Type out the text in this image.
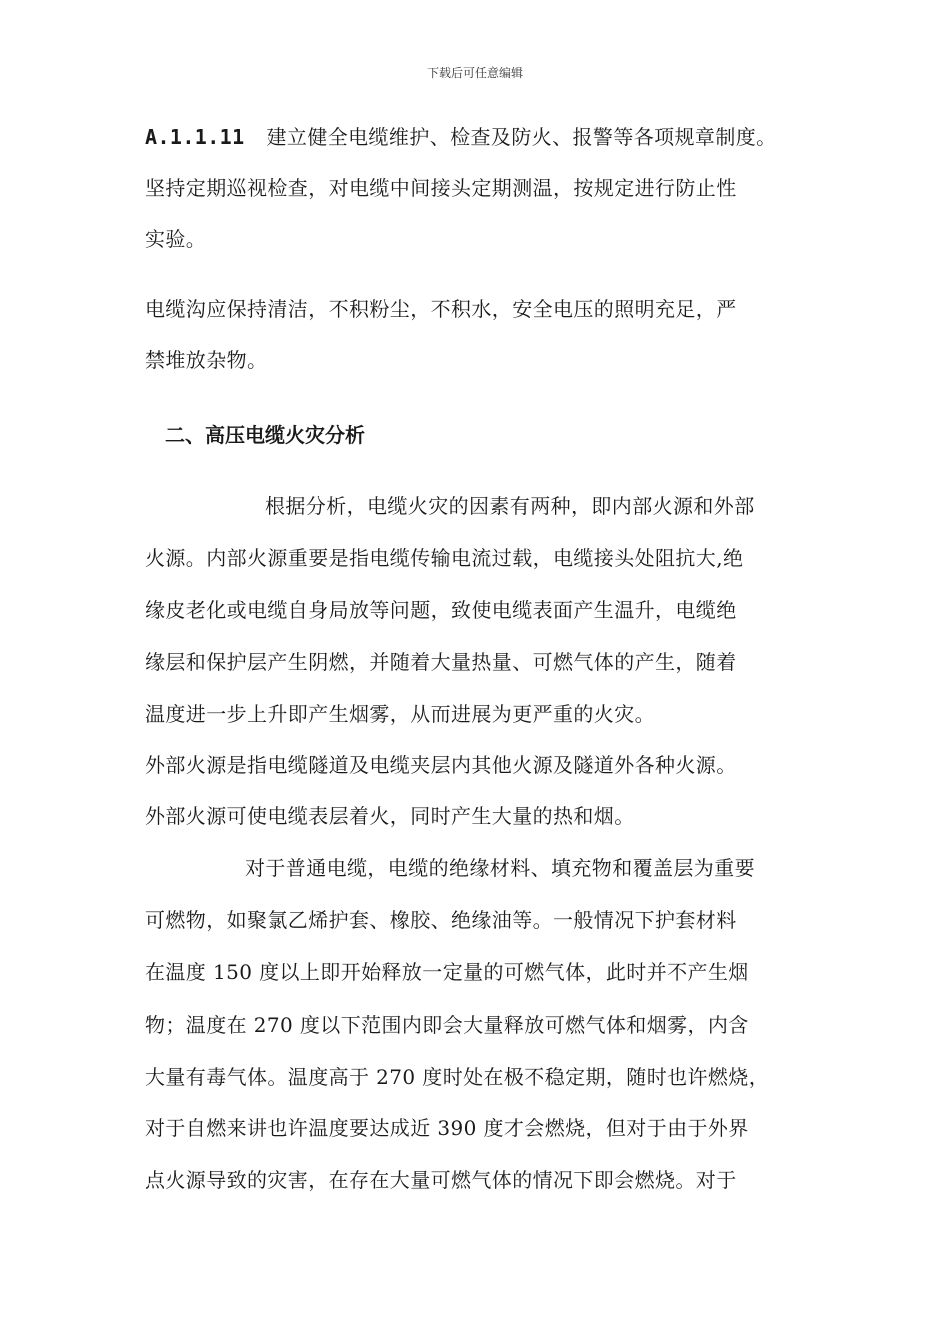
下载后可任意编辑
A.1.1.11 建立健全电缆维护、检查及防火、报警等各项规章制度。
坚持定期巡视检查，对电缆中间接头定期测温，按规定进行防止性
实验。
电缆沟应保持清洁，不积粉尘，不积水，安全电压的照明充足，严
禁堆放杂物。
二、高压电缆火灾分析
根据分析，电缆火灾的因素有两种，即内部火源和外部
火源。内部火源重要是指电缆传输电流过载，电缆接头处阻抗大,绝
缘皮老化或电缆自身局放等问题，致使电缆表面产生温升，电缆绝
缘层和保护层产生阴燃，并随着大量热量、可燃气体的产生，随着
温度进一步上升即产生烟雾，从而进展为更严重的火灾。
外部火源是指电缆隧道及电缆夹层内其他火源及隧道外各种火源。
外部火源可使电缆表层着火，同时产生大量的热和烟。
对于普通电缆，电缆的绝缘材料、填充物和覆盖层为重要
可燃物，如聚氯乙烯护套、橡胶、绝缘油等。一般情况下护套材料
在温度 150 度以上即开始释放一定量的可燃气体，此时并不产生烟
物；温度在 270 度以下范围内即会大量释放可燃气体和烟雾，内含
大量有毒气体。温度高于 270 度时处在极不稳定期，随时也许燃烧，
对于自燃来讲也许温度要达成近 390 度才会燃烧，但对于由于外界
点火源导致的灾害，在存在大量可燃气体的情况下即会燃烧。对于
